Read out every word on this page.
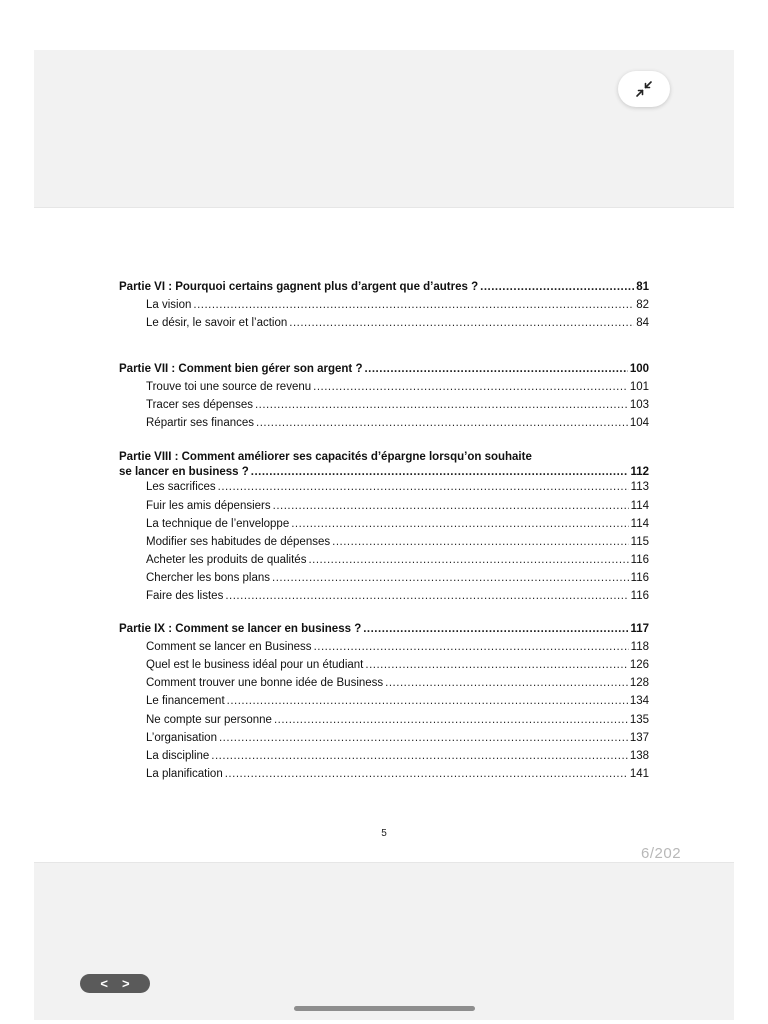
Partie VI : Pourquoi certains gagnent plus d’argent que d’autres ? .....	81
La vision .....	82
Le désir, le savoir et l’action .....	84
Partie VII : Comment bien gérer son argent ? .....	100
Trouve toi une source de revenu .....	101
Tracer ses dépenses .....	103
Répartir ses finances .....	104
Partie VIII : Comment améliorer ses capacités d’épargne lorsqu’on souhaite
se lancer en business ? .....	112
Les sacrifices .....	113
Fuir les amis dépensiers .....	114
La technique de l’enveloppe .....	114
Modifier ses habitudes de dépenses .....	115
Acheter les produits de qualités .....	116
Chercher les bons plans .....	116
Faire des listes .....	116
Partie IX : Comment se lancer en business ? .....	117
Comment se lancer en Business .....	118
Quel est le business idéal pour un étudiant .....	126
Comment trouver une bonne idée de Business .....	128
Le financement .....	134
Ne compte sur personne .....	135
L’organisation .....	137
La discipline .....	138
La planification .....	141
5
6/202
< >
